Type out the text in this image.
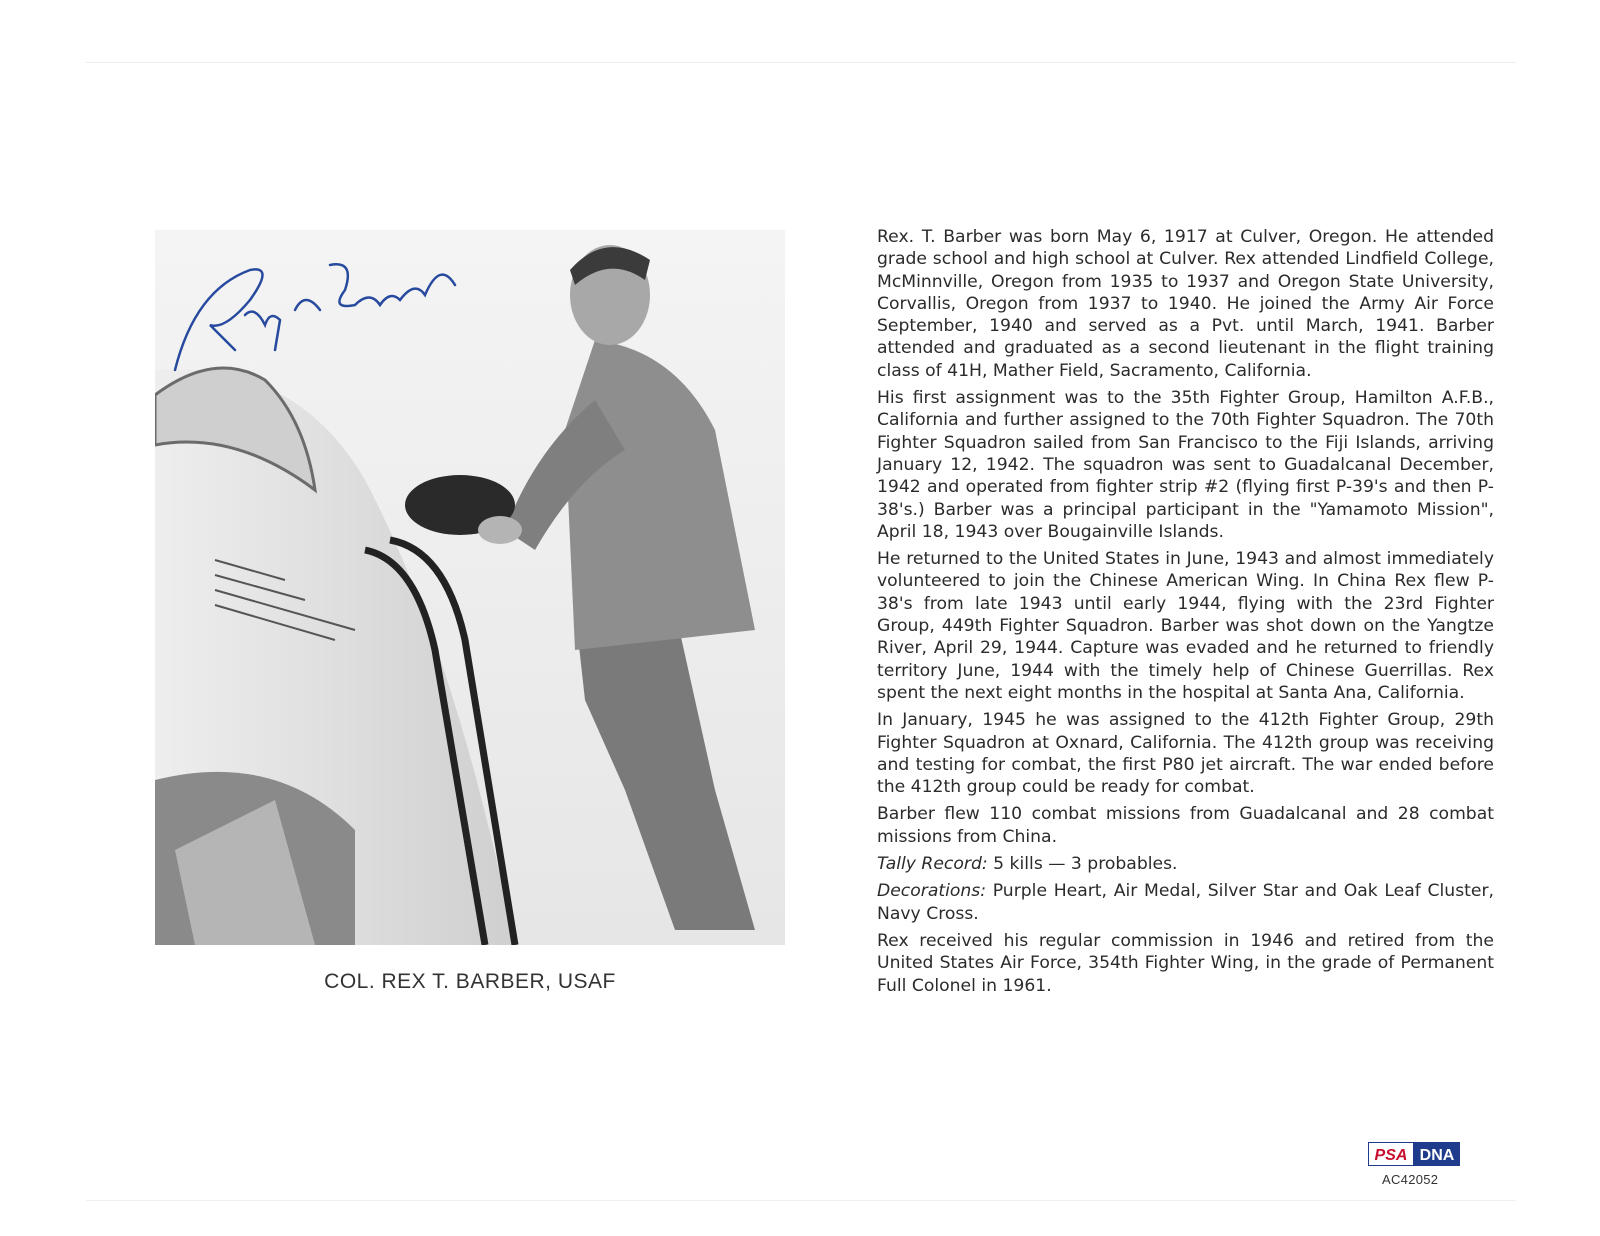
COL. REX T. BARBER, USAF

Rex. T. Barber was born May 6, 1917 at Culver, Oregon. He attended grade school and high school at Culver. Rex attended Lindfield College, McMinnville, Oregon from 1935 to 1937 and Oregon State University, Corvallis, Oregon from 1937 to 1940. He joined the Army Air Force September, 1940 and served as a Pvt. until March, 1941. Barber attended and graduated as a second lieutenant in the flight training class of 41H, Mather Field, Sacramento, California.

His first assignment was to the 35th Fighter Group, Hamilton A.F.B., California and further assigned to the 70th Fighter Squadron. The 70th Fighter Squadron sailed from San Francisco to the Fiji Islands, arriving January 12, 1942. The squadron was sent to Guadalcanal December, 1942 and operated from fighter strip #2 (flying first P-39's and then P-38's.) Barber was a principal participant in the "Yamamoto Mission", April 18, 1943 over Bougainville Islands.

He returned to the United States in June, 1943 and almost immediately volunteered to join the Chinese American Wing. In China Rex flew P-38's from late 1943 until early 1944, flying with the 23rd Fighter Group, 449th Fighter Squadron. Barber was shot down on the Yangtze River, April 29, 1944. Capture was evaded and he returned to friendly territory June, 1944 with the timely help of Chinese Guerrillas. Rex spent the next eight months in the hospital at Santa Ana, California.

In January, 1945 he was assigned to the 412th Fighter Group, 29th Fighter Squadron at Oxnard, California. The 412th group was receiving and testing for combat, the first P80 jet aircraft. The war ended before the 412th group could be ready for combat.

Barber flew 110 combat missions from Guadalcanal and 28 combat missions from China.

Tally Record: 5 kills — 3 probables.

Decorations: Purple Heart, Air Medal, Silver Star and Oak Leaf Cluster, Navy Cross.

Rex received his regular commission in 1946 and retired from the United States Air Force, 354th Fighter Wing, in the grade of Permanent Full Colonel in 1961.

PSA DNA
AC42052
